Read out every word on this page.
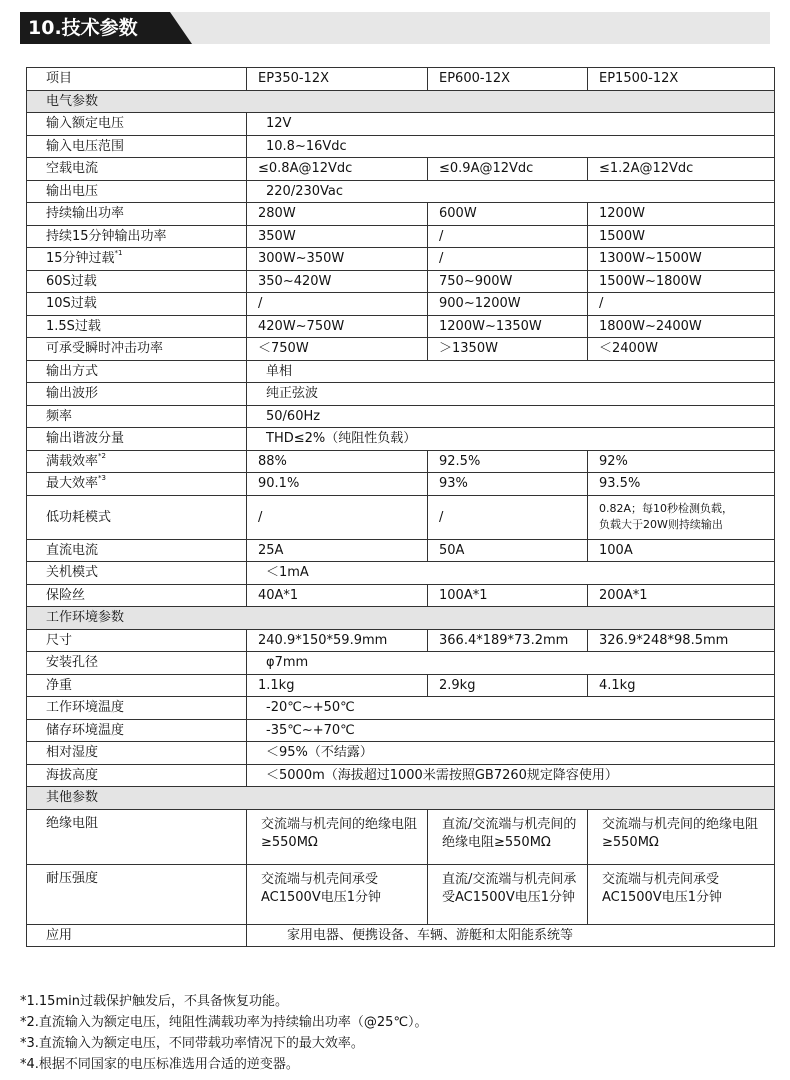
10.技术参数
项目	EP350-12X	EP600-12X	EP1500-12X
电气参数			
输入额定电压	12V		
输入电压范围	10.8~16Vdc		
空载电流	≤0.8A@12Vdc	≤0.9A@12Vdc	≤1.2A@12Vdc
输出电压	220/230Vac		
持续输出功率	280W	600W	1200W
持续15分钟输出功率	350W	/	1500W
15分钟过载$^{*1}$	300W~350W	/	1300W~1500W
60S过载	350~420W	750~900W	1500W~1800W
10S过载	/	900~1200W	/
1.5S过载	420W~750W	1200W~1350W	1800W~2400W
可承受瞬时冲击功率	＜750W	＞1350W	＜2400W
输出方式	单相		
输出波形	纯正弦波		
频率	50/60Hz		
输出谐波分量	THD≤2%（纯阻性负载）		
满载效率$^{*2}$	88%	92.5%	92%
最大效率$^{*3}$	90.1%	93%	93.5%
低功耗模式	/	/	0.82A；每10秒检测负载，
负载大于20W则持续输出

直流电流	25A	50A	100A
关机模式	＜1mA		
保险丝	40A*1	100A*1	200A*1
工作环境参数			
尺寸	240.9*150*59.9mm	366.4*189*73.2mm	326.9*248*98.5mm
安装孔径	φ7mm		
净重	1.1kg	2.9kg	4.1kg
工作环境温度	-20℃~+50℃		
储存环境温度	-35℃~+70℃		
相对湿度	＜95%（不结露）		
海拔高度	＜5000m（海拔超过1000米需按照GB7260规定降容使用）		
其他参数			
绝缘电阻	交流端与机壳间的绝缘电阻≥550MΩ	直流/交流端与机壳间的绝缘电阻≥550MΩ	交流端与机壳间的绝缘电阻≥550MΩ
耐压强度	交流端与机壳间承受AC1500V电压1分钟	直流/交流端与机壳间承受AC1500V电压1分钟	交流端与机壳间承受AC1500V电压1分钟
应用	家用电器、便携设备、车辆、游艇和太阳能系统等		
*1.15min过载保护触发后，不具备恢复功能。
*2.直流输入为额定电压，纯阻性满载功率为持续输出功率（@25℃）。
*3.直流输入为额定电压，不同带载功率情况下的最大效率。
*4.根据不同国家的电压标准选用合适的逆变器。
